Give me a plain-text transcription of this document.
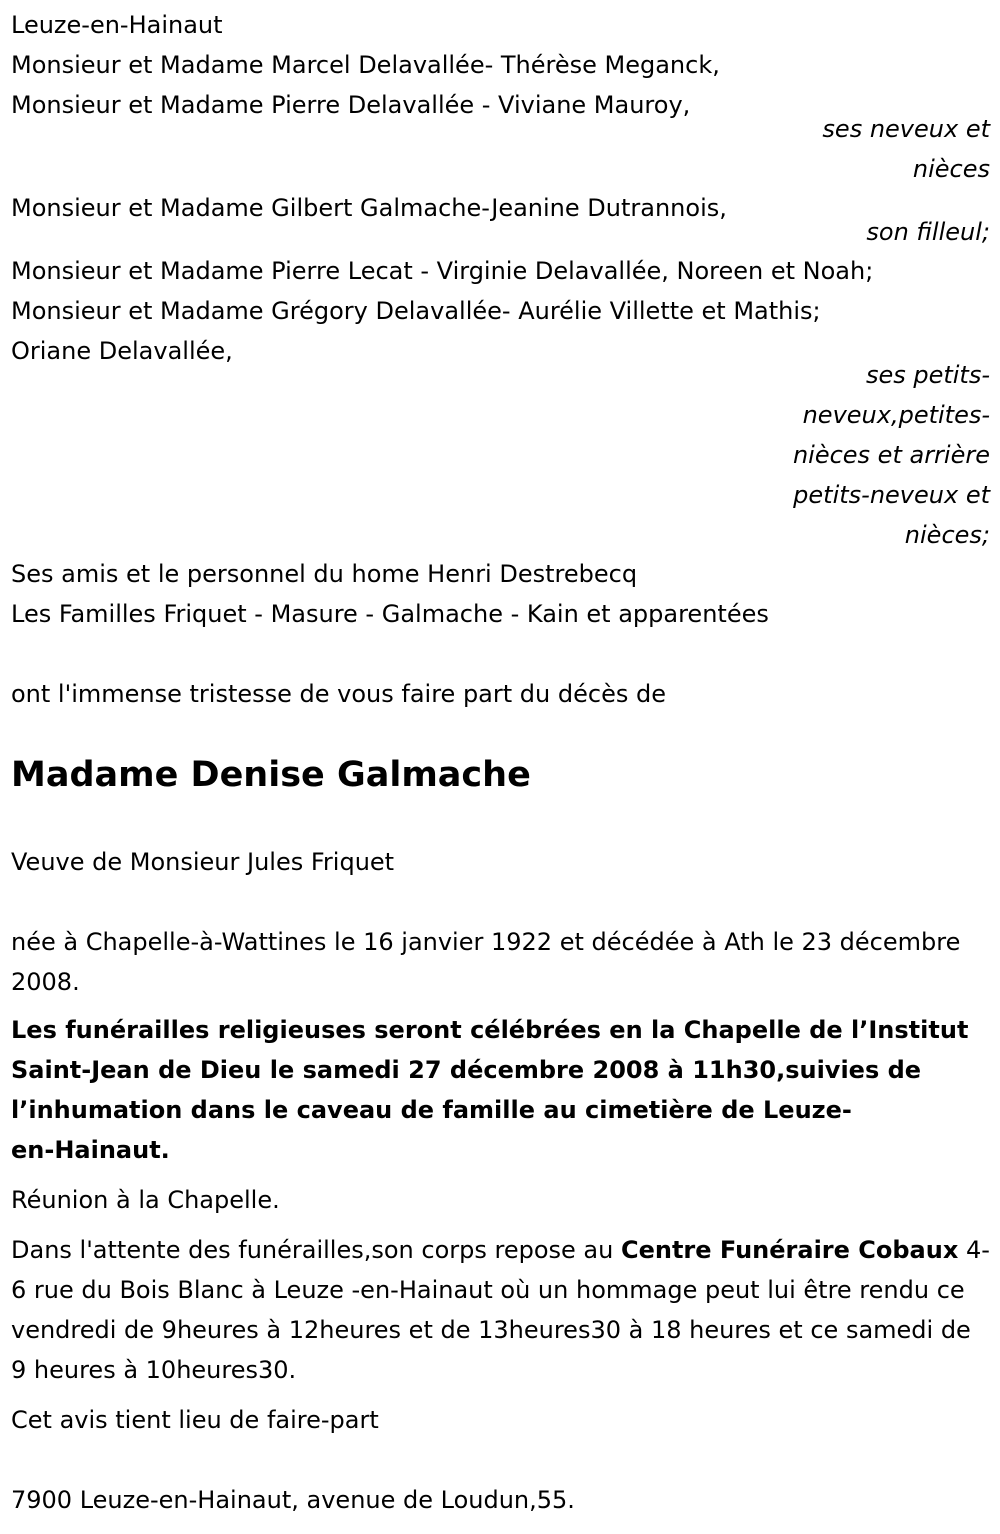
Leuze-en-Hainaut
Monsieur et Madame Marcel Delavallée- Thérèse Meganck,
Monsieur et Madame Pierre Delavallée - Viviane Mauroy,
ses neveux et
nièces
Monsieur et Madame Gilbert Galmache-Jeanine Dutrannois,
son filleul;
Monsieur et Madame Pierre Lecat - Virginie Delavallée, Noreen et Noah;
Monsieur et Madame Grégory Delavallée- Aurélie Villette et Mathis;
Oriane Delavallée,
ses petits-
neveux,petites-
nièces et arrière
petits-neveux et
nièces;
Ses amis et le personnel du home Henri Destrebecq
Les Familles Friquet - Masure - Galmache - Kain et apparentées
ont l'immense tristesse de vous faire part du décès de
Madame Denise Galmache
Veuve de Monsieur Jules Friquet
née à Chapelle-à-Wattines le 16 janvier 1922 et décédée à Ath le 23 décembre 2008.
Les funérailles religieuses seront célébrées en la Chapelle de l’Institut
Saint-Jean de Dieu le samedi 27 décembre 2008 à 11h30,suivies de
l’inhumation dans le caveau de famille au cimetière de Leuze-
en-Hainaut.
Réunion à la Chapelle.
Dans l'attente des funérailles,son corps repose au Centre Funéraire Cobaux 4-6 rue du Bois Blanc à Leuze -en-Hainaut où un hommage peut lui être rendu ce vendredi de 9heures à 12heures et de 13heures30 à 18 heures et ce samedi de 9 heures à 10heures30.
Cet avis tient lieu de faire-part
7900 Leuze-en-Hainaut, avenue de Loudun,55.
